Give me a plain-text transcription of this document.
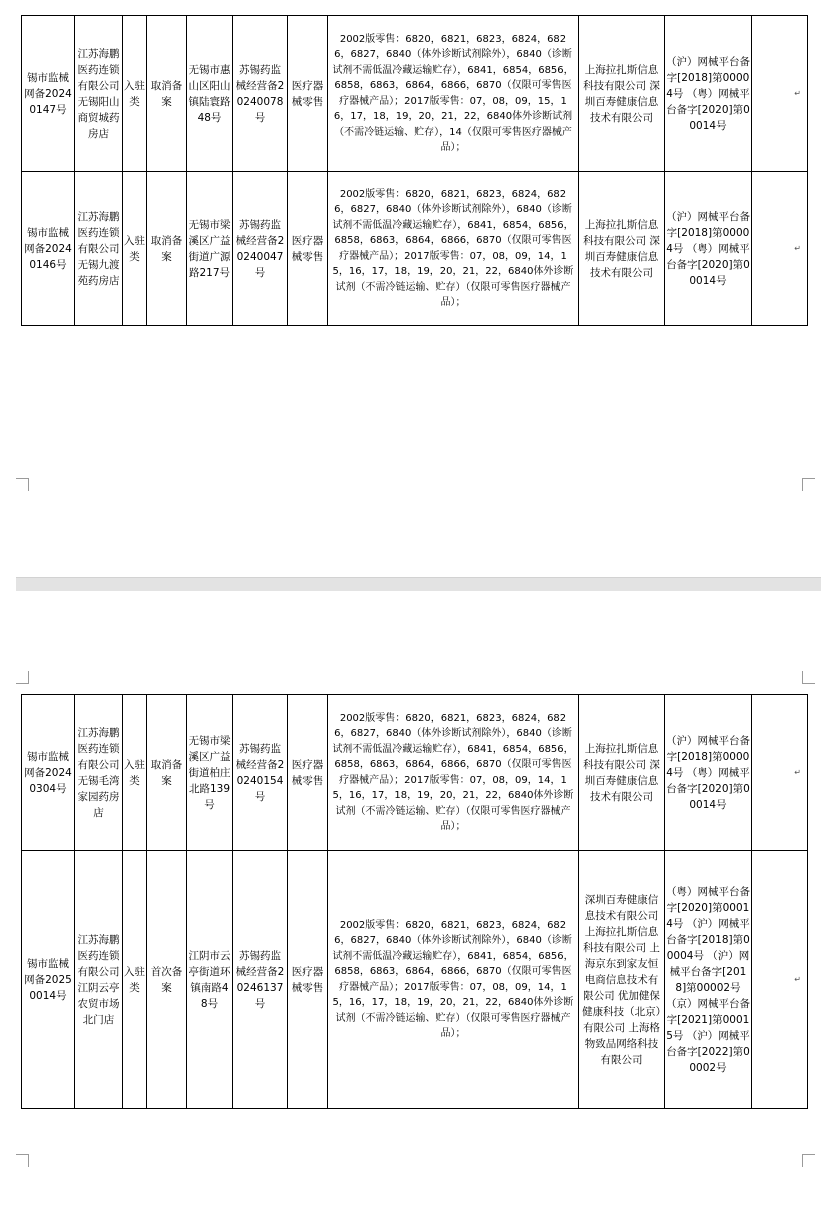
锡市监械网备20240147号	江苏海鹏医药连锁有限公司无锡阳山商贸城药房店	入驻类	取消备案	无锡市惠山区阳山镇陆寰路48号	苏锡药监械经营备20240078号	医疗器械零售	2002版零售：6820，6821，6823，6824，6826，6827，6840（体外诊断试剂除外），6840（诊断试剂不需低温冷藏运输贮存），6841，6854，6856，6858，6863，6864，6866，6870（仅限可零售医疗器械产品）；2017版零售：07，08，09，15，16，17，18，19，20，21，22，6840体外诊断试剂（不需冷链运输、贮存），14（仅限可零售医疗器械产品）；	上海拉扎斯信息科技有限公司 深圳百寿健康信息技术有限公司	（沪）网械平台备字[2018]第00004号 （粤）网械平台备字[2020]第00014号	↵
锡市监械网备20240146号	江苏海鹏医药连锁有限公司无锡九渡苑药房店	入驻类	取消备案	无锡市梁溪区广益街道广源路217号	苏锡药监械经营备20240047号	医疗器械零售	2002版零售：6820，6821，6823，6824，6826，6827，6840（体外诊断试剂除外），6840（诊断试剂不需低温冷藏运输贮存），6841，6854，6856，6858，6863，6864，6866，6870（仅限可零售医疗器械产品）；2017版零售：07，08，09，14，15，16，17，18，19，20，21，22，6840体外诊断试剂（不需冷链运输、贮存）（仅限可零售医疗器械产品）；	上海拉扎斯信息科技有限公司 深圳百寿健康信息技术有限公司	（沪）网械平台备字[2018]第00004号 （粤）网械平台备字[2020]第00014号	↵
锡市监械网备20240304号	江苏海鹏医药连锁有限公司无锡毛湾家园药房店	入驻类	取消备案	无锡市梁溪区广益街道柏庄北路139号	苏锡药监械经营备20240154号	医疗器械零售	2002版零售：6820，6821，6823，6824，6826，6827，6840（体外诊断试剂除外），6840（诊断试剂不需低温冷藏运输贮存），6841，6854，6856，6858，6863，6864，6866，6870（仅限可零售医疗器械产品）；2017版零售：07，08，09，14，15，16，17，18，19，20，21，22，6840体外诊断试剂（不需冷链运输、贮存）（仅限可零售医疗器械产品）；	上海拉扎斯信息科技有限公司 深圳百寿健康信息技术有限公司	（沪）网械平台备字[2018]第00004号 （粤）网械平台备字[2020]第00014号	↵
锡市监械网备20250014号	江苏海鹏医药连锁有限公司江阴云亭农贸市场北门店	入驻类	首次备案	江阴市云亭街道环镇南路48号	苏锡药监械经营备20246137号	医疗器械零售	2002版零售：6820，6821，6823，6824，6826，6827，6840（体外诊断试剂除外），6840（诊断试剂不需低温冷藏运输贮存），6841，6854，6856，6858，6863，6864，6866，6870（仅限可零售医疗器械产品）；2017版零售：07，08，09，14，15，16，17，18，19，20，21，22，6840体外诊断试剂（不需冷链运输、贮存）（仅限可零售医疗器械产品）；	深圳百寿健康信息技术有限公司 上海拉扎斯信息科技有限公司 上海京东到家友恒电商信息技术有限公司 优加健保健康科技（北京）有限公司 上海格物致品网络科技有限公司	（粤）网械平台备字[2020]第00014号 （沪）网械平台备字[2018]第00004号 （沪）网械平台备字[2018]第00002号 （京）网械平台备字[2021]第00015号 （沪）网械平台备字[2022]第00002号	↵
